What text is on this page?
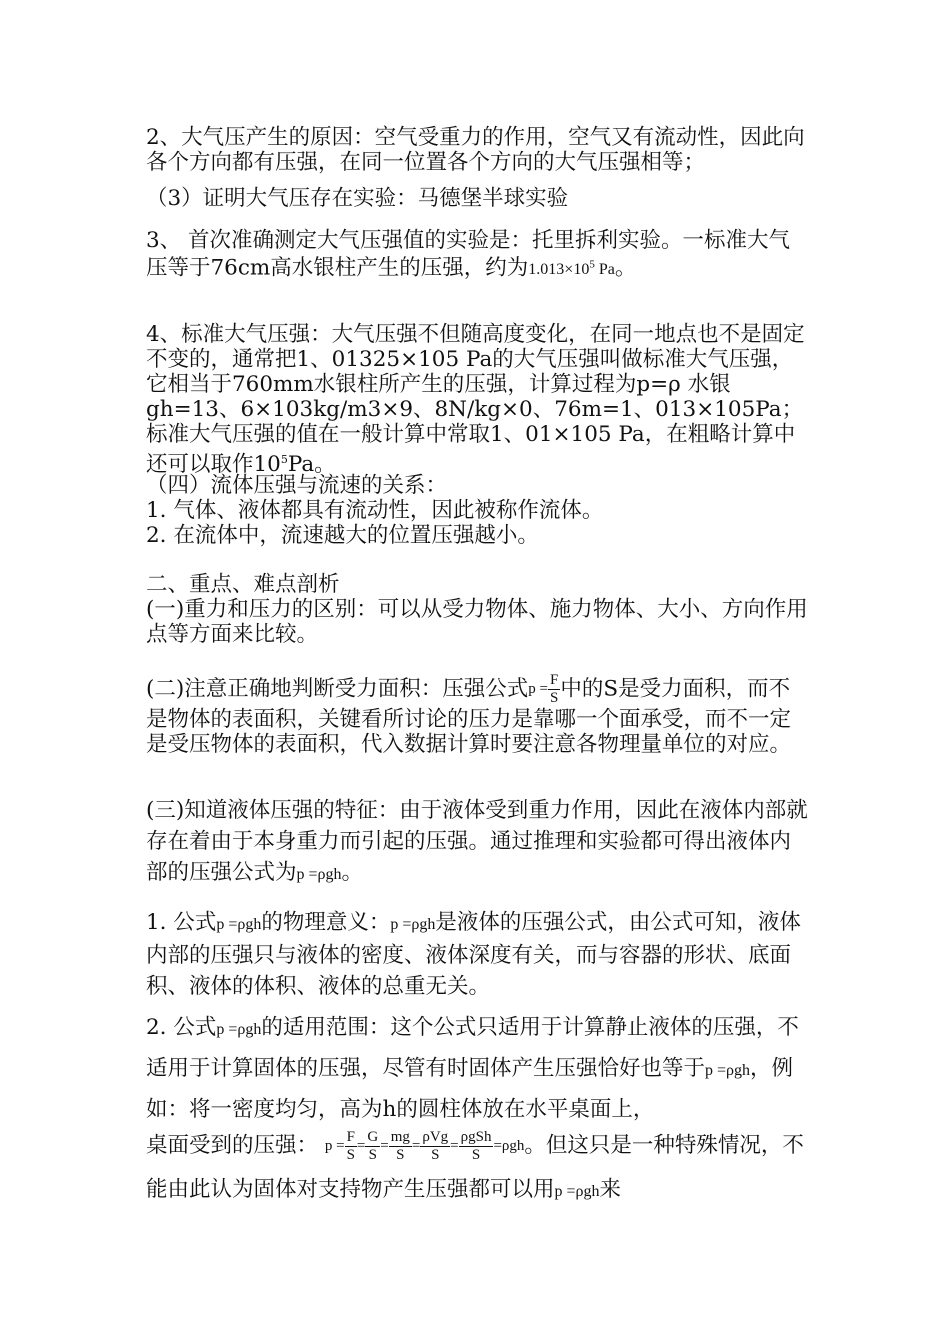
2、大气压产生的原因：空气受重力的作用，空气又有流动性，因此向各个方向都有压强，在同一位置各个方向的大气压强相等；
（3）证明大气压存在实验：马德堡半球实验
3、 首次准确测定大气压强值的实验是：托里拆利实验。一标准大气压等于76cm高水银柱产生的压强，约为$1.013\times 10^5$ Pa。
4、标准大气压强：大气压强不但随高度变化，在同一地点也不是固定不变的，通常把1、01325×105 Pa的大气压强叫做标准大气压强，它相当于760mm水银柱所产生的压强，计算过程为p=ρ 水银gh=13、6×103kg/m3×9、8N/kg×0、76m=1、013×105Pa；标准大气压强的值在一般计算中常取1、01×105 Pa，在粗略计算中还可以取作$10^5Pa$。
（四）流体压强与流速的关系：
1. 气体、液体都具有流动性，因此被称作流体。
2. 在流体中，流速越大的位置压强越小。
二、重点、难点剖析
(一)重力和压力的区别：可以从受力物体、施力物体、大小、方向作用点等方面来比较。
(二)注意正确地判断受力面积：压强公式$p = \frac{F}{S}$ 中的S是受力面积，而不是物体的表面积，关键看所讨论的压力是靠哪一个面承受，而不一定是受压物体的表面积，代入数据计算时要注意各物理量单位的对应。
(三)知道液体压强的特征：由于液体受到重力作用，因此在液体内部就存在着由于本身重力而引起的压强。通过推理和实验都可得出液体内部的压强公式为p =ρgh。
1. 公式p =ρgh的物理意义：p =ρgh是液体的压强公式，由公式可知，液体内部的压强只与液体的密度、液体深度有关，而与容器的形状、底面积、液体的体积、液体的总重无关。
2. 公式p =ρgh的适用范围：这个公式只适用于计算静止液体的压强，不适用于计算固体的压强，尽管有时固体产生压强恰好也等于p =ρgh，例如：将一密度均匀，高为h的圆柱体放在水平桌面上，
桌面受到的压强： $p = \frac{F}{S} = \frac{G}{S} = \frac{mg}{S} = \frac{\text{ρVg}}{S} = \frac{\text{ρgSh}}{S} =\rho gh$。但这只是一种特殊情况，不能由此认为固体对支持物产生压强都可以用p =ρgh来
